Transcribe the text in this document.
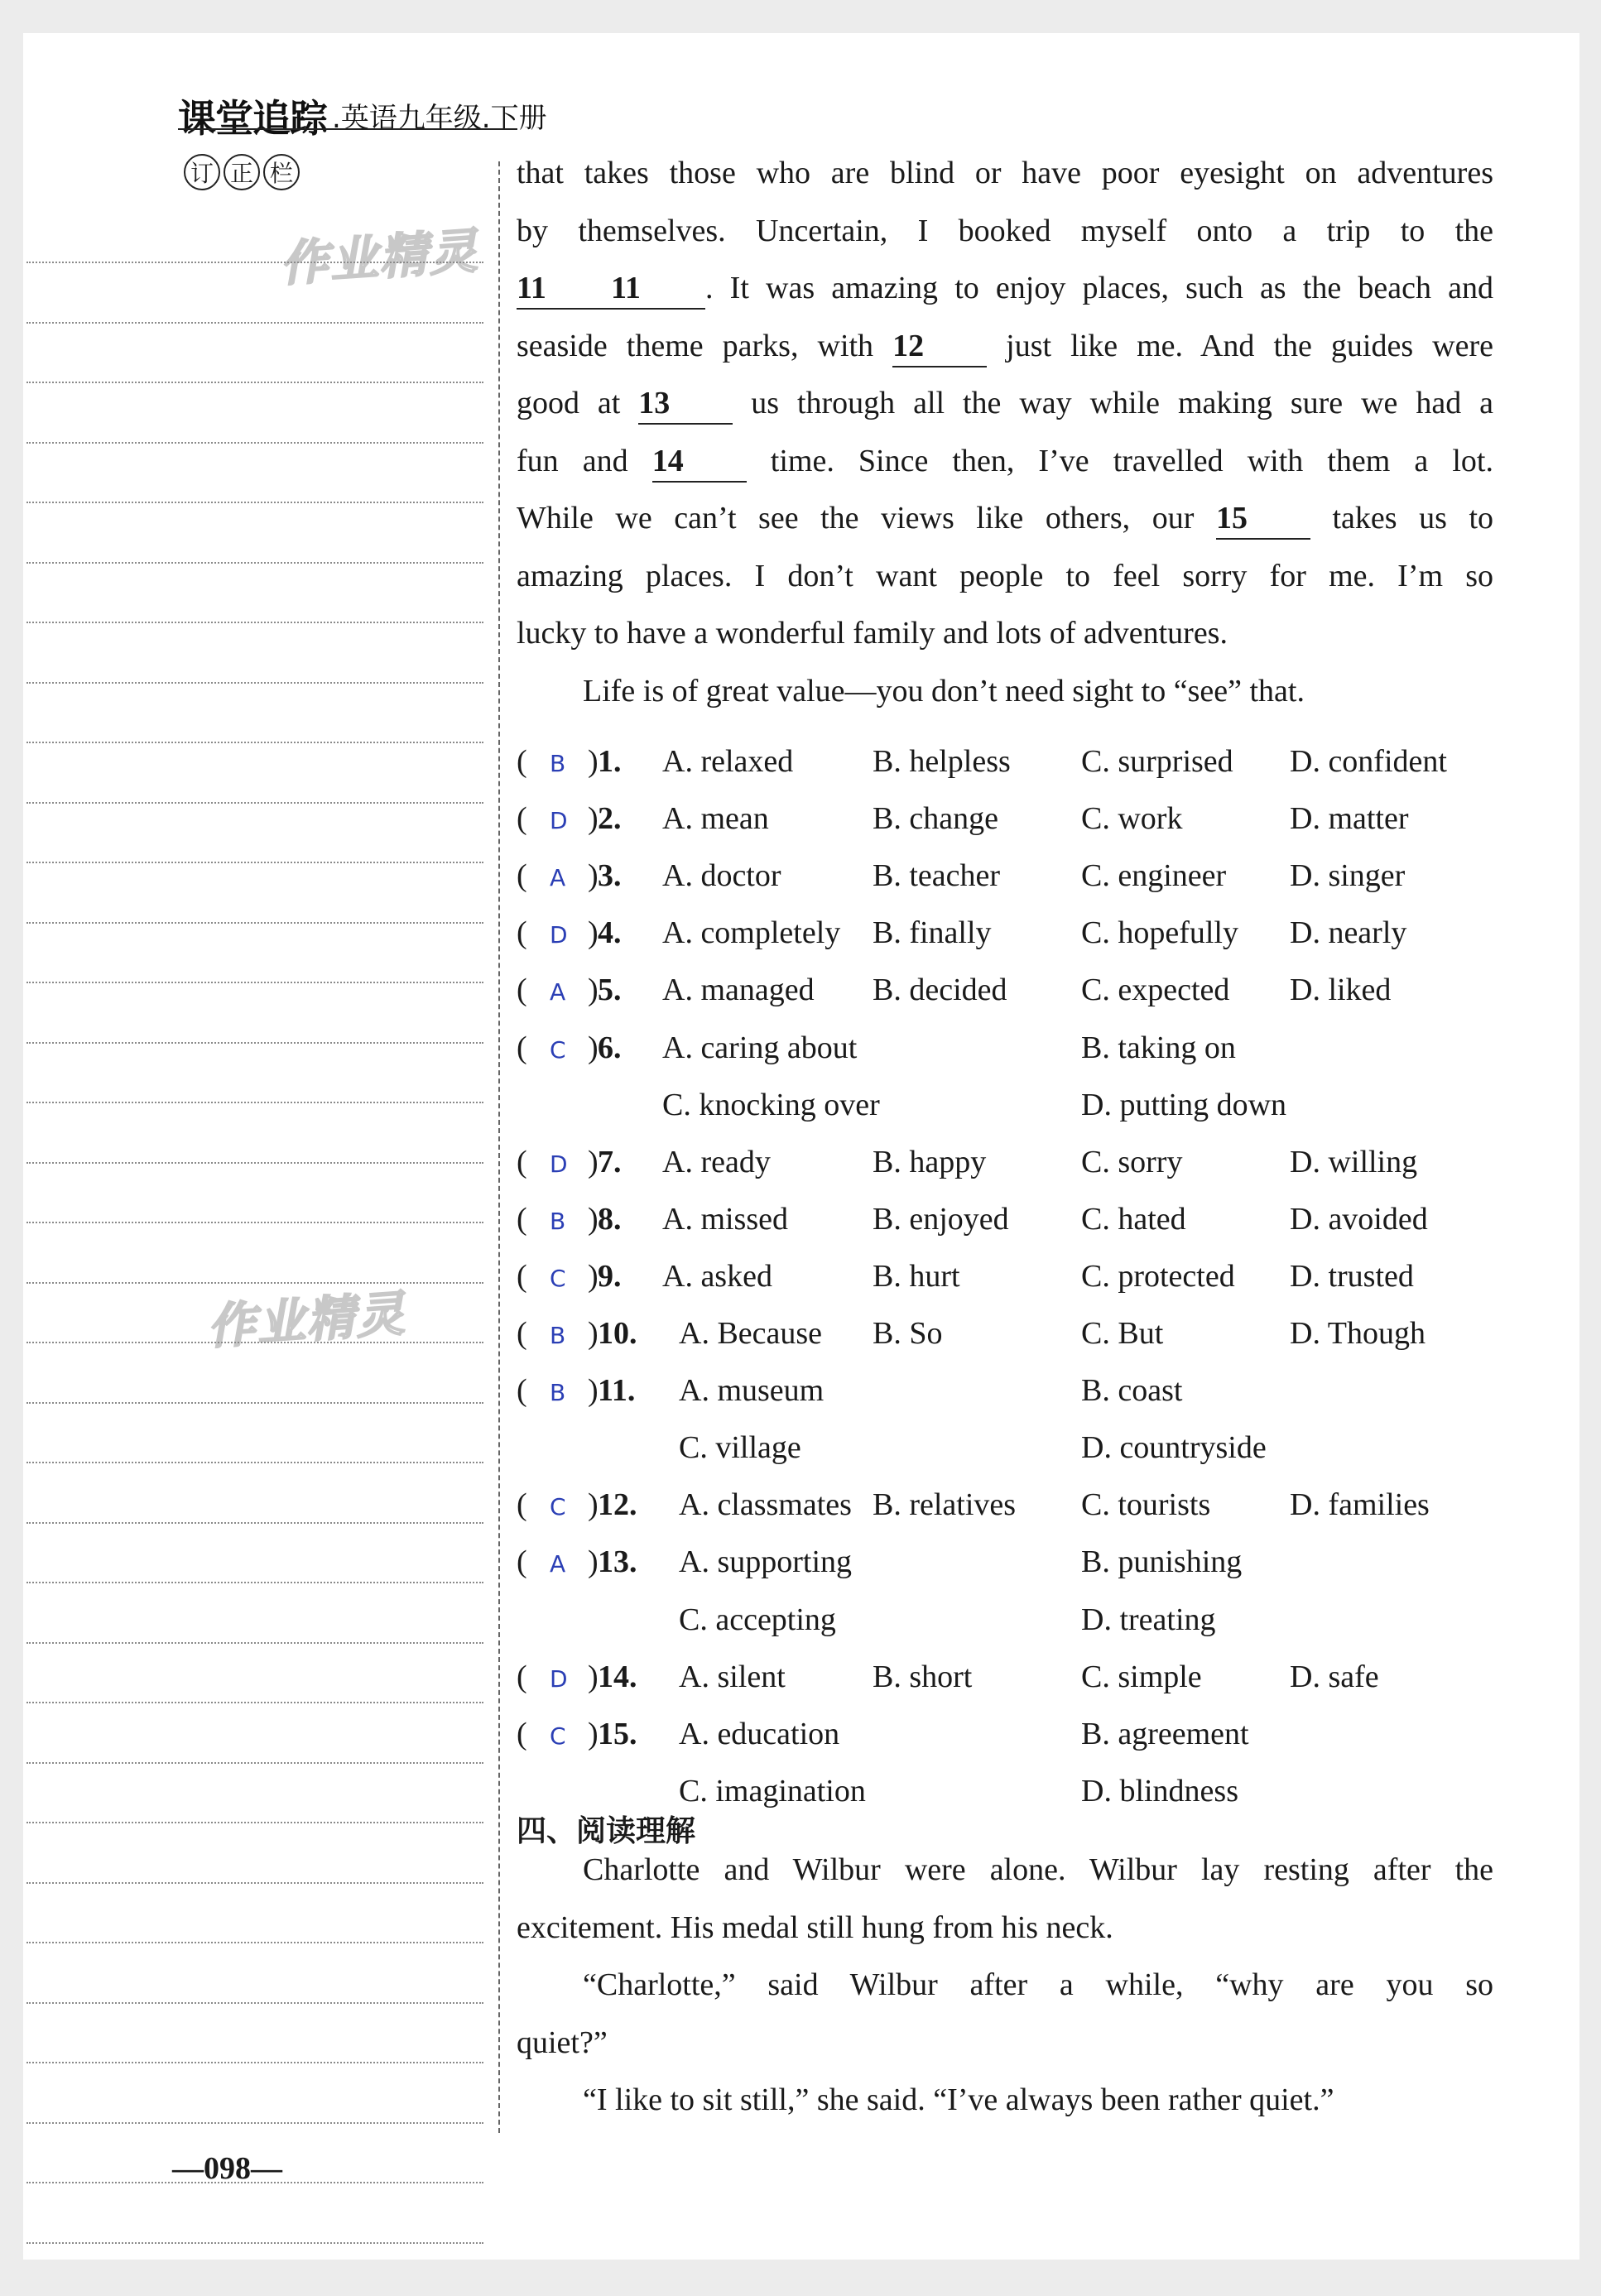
课堂追踪 .英语九年级.下册
订 正 栏
作业精灵
作业精灵
that takes those who are blind or have poor eyesight on adventures
by themselves. Uncertain, I booked myself onto a trip to the
11 11 . It was amazing to enjoy places, such as the beach and
seaside theme parks, with 12 just like me. And the guides were
good at 13 us through all the way while making sure we had a
fun and 14 time. Since then, I’ve travelled with them a lot.
While we can’t see the views like others, our 15 takes us to
amazing places. I don’t want people to feel sorry for me. I’m so
lucky to have a wonderful family and lots of adventures.
Life is of great value—you don’t need sight to “see” that.
( B ) 1. A. relaxed	B. helpless C. surprised D. confident
( D ) 2. A. mean	B. change	C. work	D. matter
( A ) 3. A. doctor	B. teacher	C. engineer D. singer
( D ) 4. A. completely B. finally	C. hopefully D. nearly
( A ) 5. A. managed B. decided C. expected D. liked
( C ) 6. A. caring about	B. taking on
C. knocking over	D. putting down
( D ) 7. A. ready	B. happy	C. sorry	D. willing
( B ) 8. A. missed	B. enjoyed C. hated	D. avoided
( C ) 9. A. asked	B. hurt	C. protected D. trusted
( B ) 10. A. Because B. So	C. But	D. Though
( B ) 11. A. museum	B. coast
C. village	D. countryside
( C ) 12. A. classmates B. relatives C. tourists	D. families
( A ) 13. A. supporting	B. punishing
C. accepting	D. treating
( D ) 14. A. silent	B. short	C. simple	D. safe
( C ) 15. A. education	B. agreement
C. imagination	D. blindness
四、阅读理解
Charlotte and Wilbur were alone. Wilbur lay resting after the
excitement. His medal still hung from his neck.
“Charlotte,” said Wilbur after a while, “why are you so
quiet?”
“I like to sit still,” she said. “I’ve always been rather quiet.”
—098—
